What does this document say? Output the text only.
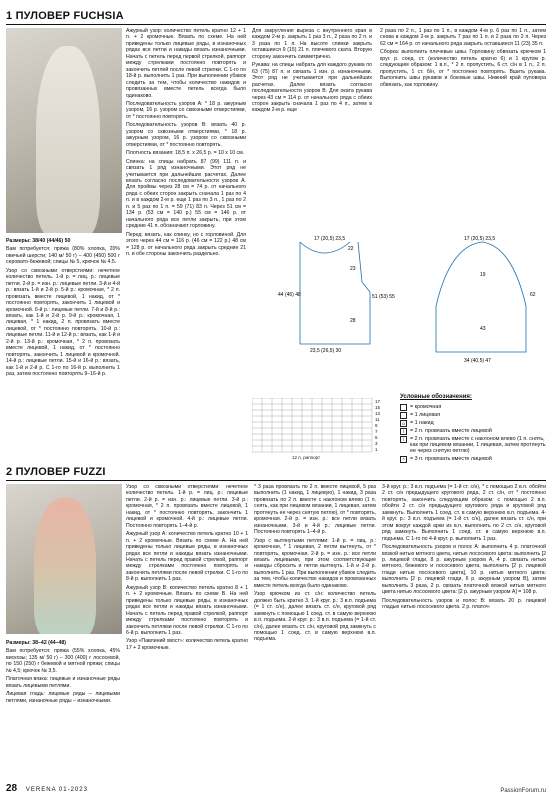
1 ПУЛОВЕР FUCHSIA

Размеры: 38/40 (44/46) 50

Вам потребуется: пряжа (80% хлопка, 20% овечьей шерсти; 140 м/ 50 г) – 400 (450) 500 г серовато-бежевой; спицы № 5, крючок № 4.5.

Узор со сквозными отверстиями: нечетное количество петель. 1-й р. = лиц. р.: лицевые петли. 2-й р. = изн. р.: лицевые петли. 3-й и 4-й р.: вязать 1-й и 2-й р. 5-й р.: кромочная, * 2 п. провязать вместе лицевой, 1 накид, от * постоянно повторять, закончить 1 лицевой и кромочной. 6-й р.: лицевые петли. 7-й и 8-й р.: вязать, как 1-й и 2-й р. 9-й р.: кромочная, 1 лицевая, * 1 накид, 2 п. провязать вместе лицевой, от * постоянно повторять. 10-й р.: лицевые петли. 11-й и 12-й р.: вязать, как 1-й и 2-й р. 13-й р.: кромочная, * 2 п. провязать вместе лицевой, 1 накид, от * постоянно повторять, закончить 1 лицевой и кромочной. 14-й р.: лицевые петли. 15-й и 16-й р.: вязать, как 1-й и 2-й р. С 1-го по 16-й р. выполнить 1 раз, затем постоянно повторять 9–16-й р.

Ажурный узор: количество петель кратно 12 + 1 п. + 2 кромочные. Вязать по схеме. На ней приведены только лицевые ряды, в изнаночных рядах все петли и накиды вязать изнаночными. Начать с петель перед первой стрелкой, раппорт между стрелками постоянно повторять и закончить петлей после левой стрелки. С 1-го по 18-й р. выполнить 1 раз. При выполнении убавок следить за тем, чтобы количество накидов и провязанных вместе петель всегда было одинаково.

Последовательность узоров А: * 18 р. ажурным узором, 16 р. узором со сквозными отверстиями, от * постоянно повторять.

Последовательность узоров В: вязать 40 р. узором со сквозными отверстиями, * 18 р. ажурным узором, 16 р. узором со сквозными отверстиями, от * постоянно повторять.

Плотность вязания: 18,5 п. х 26,5 р. = 10 х 10 см.

Спинка: на спицы набрать 87 (99) 111 п. и связать 1 ряд изнаночными. Этот ряд не учитывается при дальнейших расчетах. Далее вязать согласно последовательности узоров А. Для проймы через 28 см = 74 р. от начального ряда с обеих сторон закрыть сначала 1 раз по 4 п. и в каждом 2-м р. еще 1 раз по 3 п., 1 раз по 2 п. и 5 раз по 1 п. = 59 (71) 83 п. Через 51 см = 134 р. (53 см = 140 р.) 55 см = 146 р. от начального ряда все петли закрыть, при этом средние 41 п. обозначают горловину.

Перед: вязать, как спинку, но с горловиной. Для этого через 44 см = 116 р. (46 см = 122 р.) 48 см = 128 р. от начального ряда закрыть средние 21 п. и обе стороны закончить раздельно.

Для закругления выреза с внутреннего края в каждом 2-м р. закрыть 1 раз 3 п., 2 раза по 2 п. и 3 раза по 1 п. На высоте спинки закрыть оставшиеся 9 (15) 21 п. плечевого ската. Вторую сторону закончить симметрично.

Рукава: на спицы набрать для каждого рукава по 63 (75) 87 п. и связать 1 изн. р. изнаночными. Этот ряд не учитывается при дальнейших расчетах. Далее вязать согласно последовательности узоров В. Для оката рукава через 43 см = 114 р. от начального ряда с обеих сторон закрыть сначала 1 раз по 4 п., затем в каждом 2-м р. еще

2 раза по 2 п., 1 раз по 1 п., в каждом 4-м р. 6 раз по 1 п., затем снова в каждом 2-м р. закрыть 7 раз по 1 п. и 2 раза по 2 п. Через 62 см = 164 р. от начального ряда закрыть оставшиеся 11 (23) 35 п.

Сборка: выполнить плечевые швы. Горловину обвязать крючком 1 круг. р. соед. ст. (количество петель кратно 6) и 1 кругом р. следующим образом: 1 в.п., * 2 п. пропустить, 6 ст. с/н в 1 п., 2 п. пропустить, 1 ст. б/н, от * постоянно повторять. Вшить рукава. Выполнить швы рукавов и боковые швы. Нижний край пуловера обвязать, как горловину.

17 (20,5) 23,5
22
51 (53) 55
23
44 (46) 48
28
23,5 (26,5) 30
17 (20,5) 23,5
62
19
43
34 (40,5) 47
17
15
13
11
9
7
5
3
1
12 п. раппорт
Условные обозначения:
= кромочная
= 1 лицевая
o = 1 накид
/	= 2 п. провязать вместе лицевой
\	= 2 п. провязать вместе с наклоном влево (1 п. снять, как при лицевом вязании, 1 лицевая, затем протянуть ее через снятую петлю)
^	= 3 п. провязать вместе лицевой
2 ПУЛОВЕР FUZZI

Размеры: 38–42 (44–48)

Вам потребуется: пряжа (55% хлопка, 45% вискозы; 135 м/ 50 г) – 300 (400) г лососевой, по 150 (250) г бежевой и мятной пряжи; спицы № 4,5; крючок № 3,5.

Платочная вязка: лицевые и изнаночные ряды вязать лицевыми петлями.

Лицевая гладь: лицевые ряды – лицевыми петлями, изнаночные ряды – изнаночными.

Узор со сквозными отверстиями: нечетное количество петель. 1-й р. = лиц. р.: лицевые петли. 2-й р. = изн. р.: лицевые петли. 3-й р.: кромочная, * 2 п. провязать вместе лицевой, 1 накид, от * постоянно повторять, закончить 1 лицевой и кромочной. 4-й р.: лицевые петли. Постоянно повторять 1–4-й р.

Ажурный узор А: количество петель кратно 10 + 1 п. + 2 кромочные. Вязать по схеме А. На ней приведены только лицевые ряды, в изнаночных рядах все петли и накиды вязать изнаночными. Начать с петель перед правой стрелкой, раппорт между стрелками постоянно повторять и закончить петлями после левой стрелки. С 1-го по 8-й р. выполнить 1 раз.

Ажурный узор В: количество петель кратно 8 + 1 п. + 2 кромочные. Вязать по схеме В. На ней приведены только лицевые ряды, в изнаночных рядах все петли и накиды вязать изнаночными. Начать с петель перед правой стрелкой, раппорт между стрелками постоянно повторять и закончить петлями после левой стрелки. С 1-го по 6-й р. выполнить 1 раз.

Узор «Павлиний хвост»: количество петель кратно 17 + 2 кромочные.

* 3 раза провязать по 2 п. вместе лицевой, 5 раз выполнить (1 накид, 1 лицевую), 1 накид, 3 раза провязать по 2 п. вместе с наклоном влево (1 п. снять, как при лицевом вязании, 1 лицевая, затем протянуть ее через снятую петлю), от * повторять, кромочная. 2-й р. = изн. р.: все петли вязать изнаночными. 3-й и 4-й р.: лицевые петли. Постоянно повторять 1–4-й р.

Узор с вытянутыми петлями: 1-й р. = лиц. р.: кромочная, * 1 лицевая, 2 петли вытянуть, от * повторять, кромочная. 2-й р. = изн. р.: все петли вязать лицевыми, при этом соответствующие накиды сбросить и петли вытянуть. 1-й и 2-й р. выполнить 1 раз. При выполнении убавок следить за тем, чтобы количество накидов и провязанных вместе петель всегда было одинаково.

Узор крючком из ст. с/н: количество петель должно быть кратно 3. 1-й круг. р.: 3 в.п. подъема (= 1 ст. с/н), далее вязать ст. с/н, круговой ряд замкнуть с помощью 1 соед. ст. в самую верхнюю в.п. подъема. 2-й круг. р.: 3 в.п. подъема (= 1-й ст. с/н), далее вязать ст. с/н, круговой ряд замкнуть с помощью 1 соед. ст. в самую верхнюю в.п. подъема.

3-й круг. р.: 3 в.п. подъема (= 1-й ст. с/н), * с помощью 2 в.п. обойти 2 ст. с/н предыдущего кругового ряда, 2 ст. с/н, от * постоянно повторять, закончить следующим образом: с помощью 2 в.п. обойти 2 ст. с/н предыдущего кругового ряда и круговой ряд замкнуть. Выполнить 1 соед. ст. в самую верхнюю в.п. подъема. 4-й круг. р.: 3 в.п. подъема (= 1-й ст. с/н), далее вязать ст. с/н, при этом вокруг каждой арки из в.п. выполнить по 2 ст. с/н, круговой ряд замкнуть. Выполнить 1 соед. ст. в самую верхнюю в.п. подъема. С 1-го по 4-й круг. р. выполнить 1 раз.

Последовательность узоров и полос А: выполнить 4 р. платочной вязкой нитью мятного цвета, нитью лососевого цвета: выполнить [2 р. лицевой глади, 8 р. ажурным узором А, 4 р. связать нитью мятного, бежевого и лососевого цвета, выполнить [2 р. лицевой глади нитью лососевого цвета], 10 р. нитью мятного цвета: выполнить [2 р. лицевой глади, 6 р. ажурным узором В], затем выполнить 3 раза, 2 р. связать платочной вязкой нитью мятного цвета нитью лососевого цвета: [2 р. ажурным узором А] = 108 р.

Последовательность узоров и полос В: вязать 20 р. лицевой гладью нитью лососевого цвета. 2 р. платоч-

28 VERENA 01-2023	PassionForum.ru
